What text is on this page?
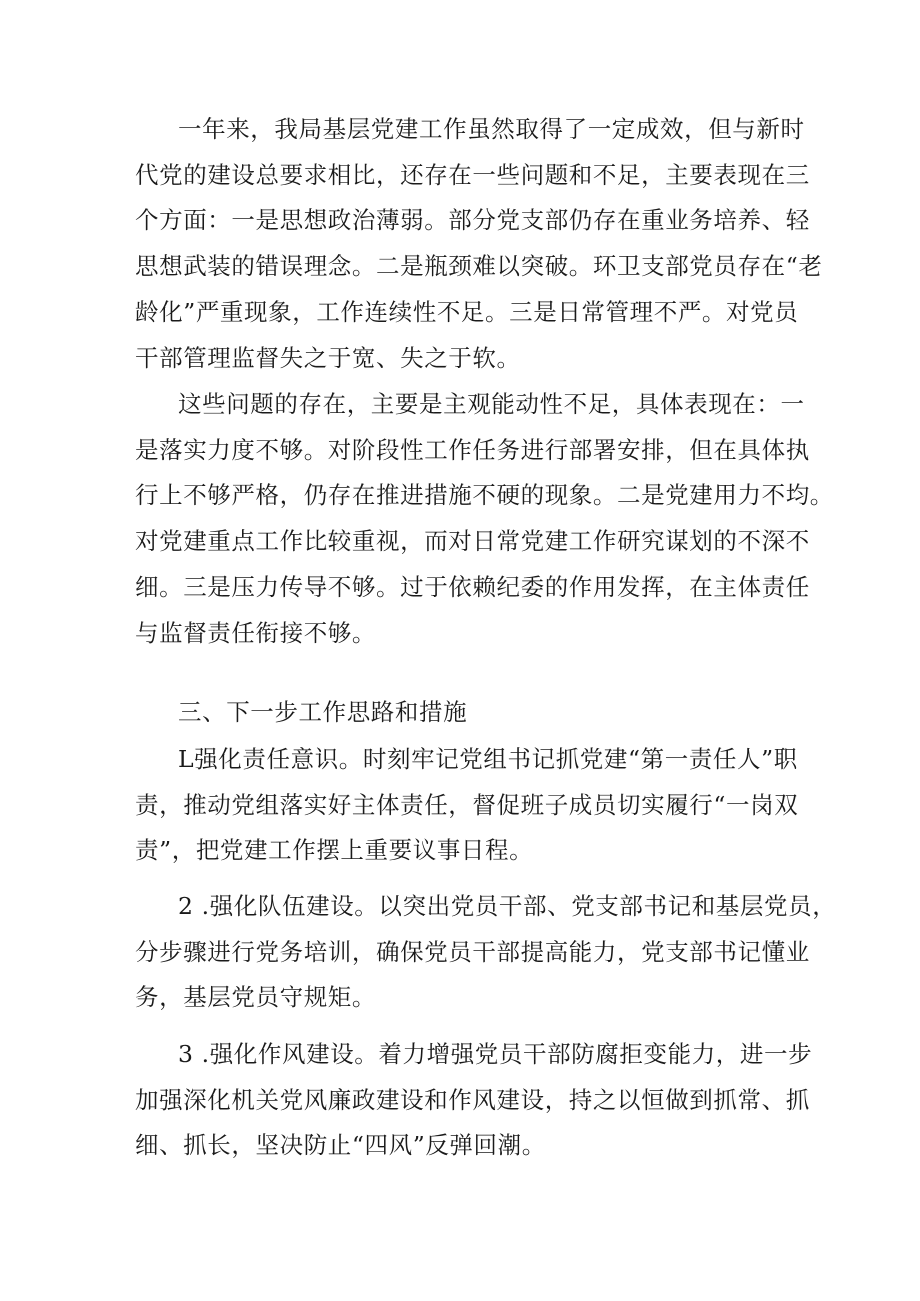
一年来，我局基层党建工作虽然取得了一定成效，但与新时
代党的建设总要求相比，还存在一些问题和不足，主要表现在三
个方面：一是思想政治薄弱。部分党支部仍存在重业务培养、轻
思想武装的错误理念。二是瓶颈难以突破。环卫支部党员存在“老
龄化”严重现象，工作连续性不足。三是日常管理不严。对党员
干部管理监督失之于宽、失之于软。

这些问题的存在，主要是主观能动性不足，具体表现在：一
是落实力度不够。对阶段性工作任务进行部署安排，但在具体执
行上不够严格，仍存在推进措施不硬的现象。二是党建用力不均。
对党建重点工作比较重视，而对日常党建工作研究谋划的不深不
细。三是压力传导不够。过于依赖纪委的作用发挥，在主体责任
与监督责任衔接不够。

三、下一步工作思路和措施

L强化责任意识。时刻牢记党组书记抓党建“第一责任人”职
责，推动党组落实好主体责任，督促班子成员切实履行“一岗双
责”，把党建工作摆上重要议事日程。

2 .强化队伍建设。以突出党员干部、党支部书记和基层党员，
分步骤进行党务培训，确保党员干部提高能力，党支部书记懂业
务，基层党员守规矩。

3 .强化作风建设。着力增强党员干部防腐拒变能力，进一步
加强深化机关党风廉政建设和作风建设，持之以恒做到抓常、抓
细、抓长，坚决防止“四风”反弹回潮。
